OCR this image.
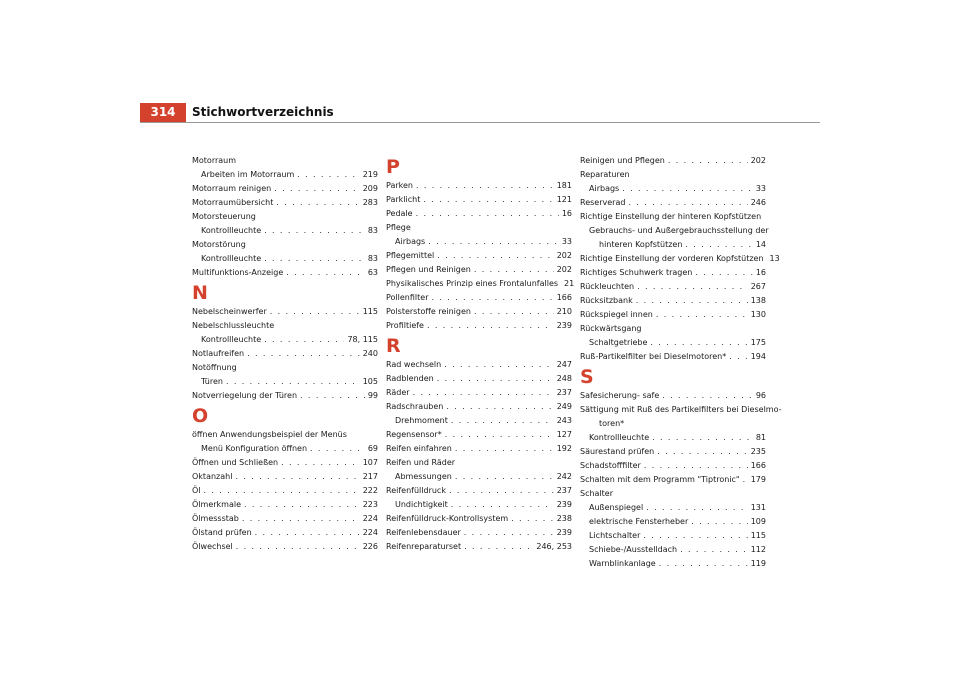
314	Stichwortverzeichnis
Motorraum
Arbeiten im Motorraum . . .	219
Motorraum reinigen . . .	209
Motorraumübersicht . . .	283
Motorsteuerung
Kontrollleuchte . . .	83
Motorstörung
Kontrollleuchte . . .	83
Multifunktions-Anzeige . . .	63
N
Nebelscheinwerfer . . .	115
Nebelschlussleuchte
Kontrollleuchte . . .	78, 115
Notlaufreifen . . .	240
Notöffnung
Türen . . .	105
Notverriegelung der Türen . . .	99
O
öffnen Anwendungsbeispiel der Menüs
Menü Konfiguration öffnen . . .	69
Öffnen und Schließen . . .	107
Oktanzahl . . .	217
Öl . . .	222
Ölmerkmale . . .	223
Ölmessstab . . .	224
Ölstand prüfen . . .	224
Ölwechsel . . .	226
P
Parken . . .	181
Parklicht . . .	121
Pedale . . .	16
Pflege
Airbags . . .	33
Pflegemittel . . .	202
Pflegen und Reinigen . . .	202
Physikalisches Prinzip eines Frontalunfalles 21
Pollenfilter . . .	166
Polsterstoffe reinigen . . .	210
Profiltiefe . . .	239
R
Rad wechseln . . .	247
Radblenden . . .	248
Räder . . .	237
Radschrauben . . .	249
Drehmoment . . .	243
Regensensor* . . .	127
Reifen einfahren . . .	192
Reifen und Räder
Abmessungen . . .	242
Reifenfülldruck . . .	237
Undichtigkeit . . .	239
Reifenfülldruck-Kontrollsystem . . .	238
Reifenlebensdauer . . .	239
Reifenreparaturset . . .	246, 253
Reinigen und Pflegen . . .	202
Reparaturen
Airbags . . .	33
Reserverad . . .	246
Richtige Einstellung der hinteren Kopfstützen
Gebrauchs- und Außergebrauchsstellung der
hinteren Kopfstützen . . .	14
Richtige Einstellung der vorderen Kopfstützen 13
Richtiges Schuhwerk tragen . . .	16
Rückleuchten . . .	267
Rücksitzbank . . .	138
Rückspiegel innen . . .	130
Rückwärtsgang
Schaltgetriebe . . .	175
Ruß-Partikelfilter bei Dieselmotoren* . . .	194
S
Safesicherung- safe . . .	96
Sättigung mit Ruß des Partikelfilters bei Dieselmo-
toren*
Kontrollleuchte . . .	81
Säurestand prüfen . . .	235
Schadstofffilter . . .	166
Schalten mit dem Programm "Tiptronic" . . . 179
Schalter
Außenspiegel . . .	131
elektrische Fensterheber . . .	109
Lichtschalter . . .	115
Schiebe-/Ausstelldach . . .	112
Warnblinkanlage . . .	119
